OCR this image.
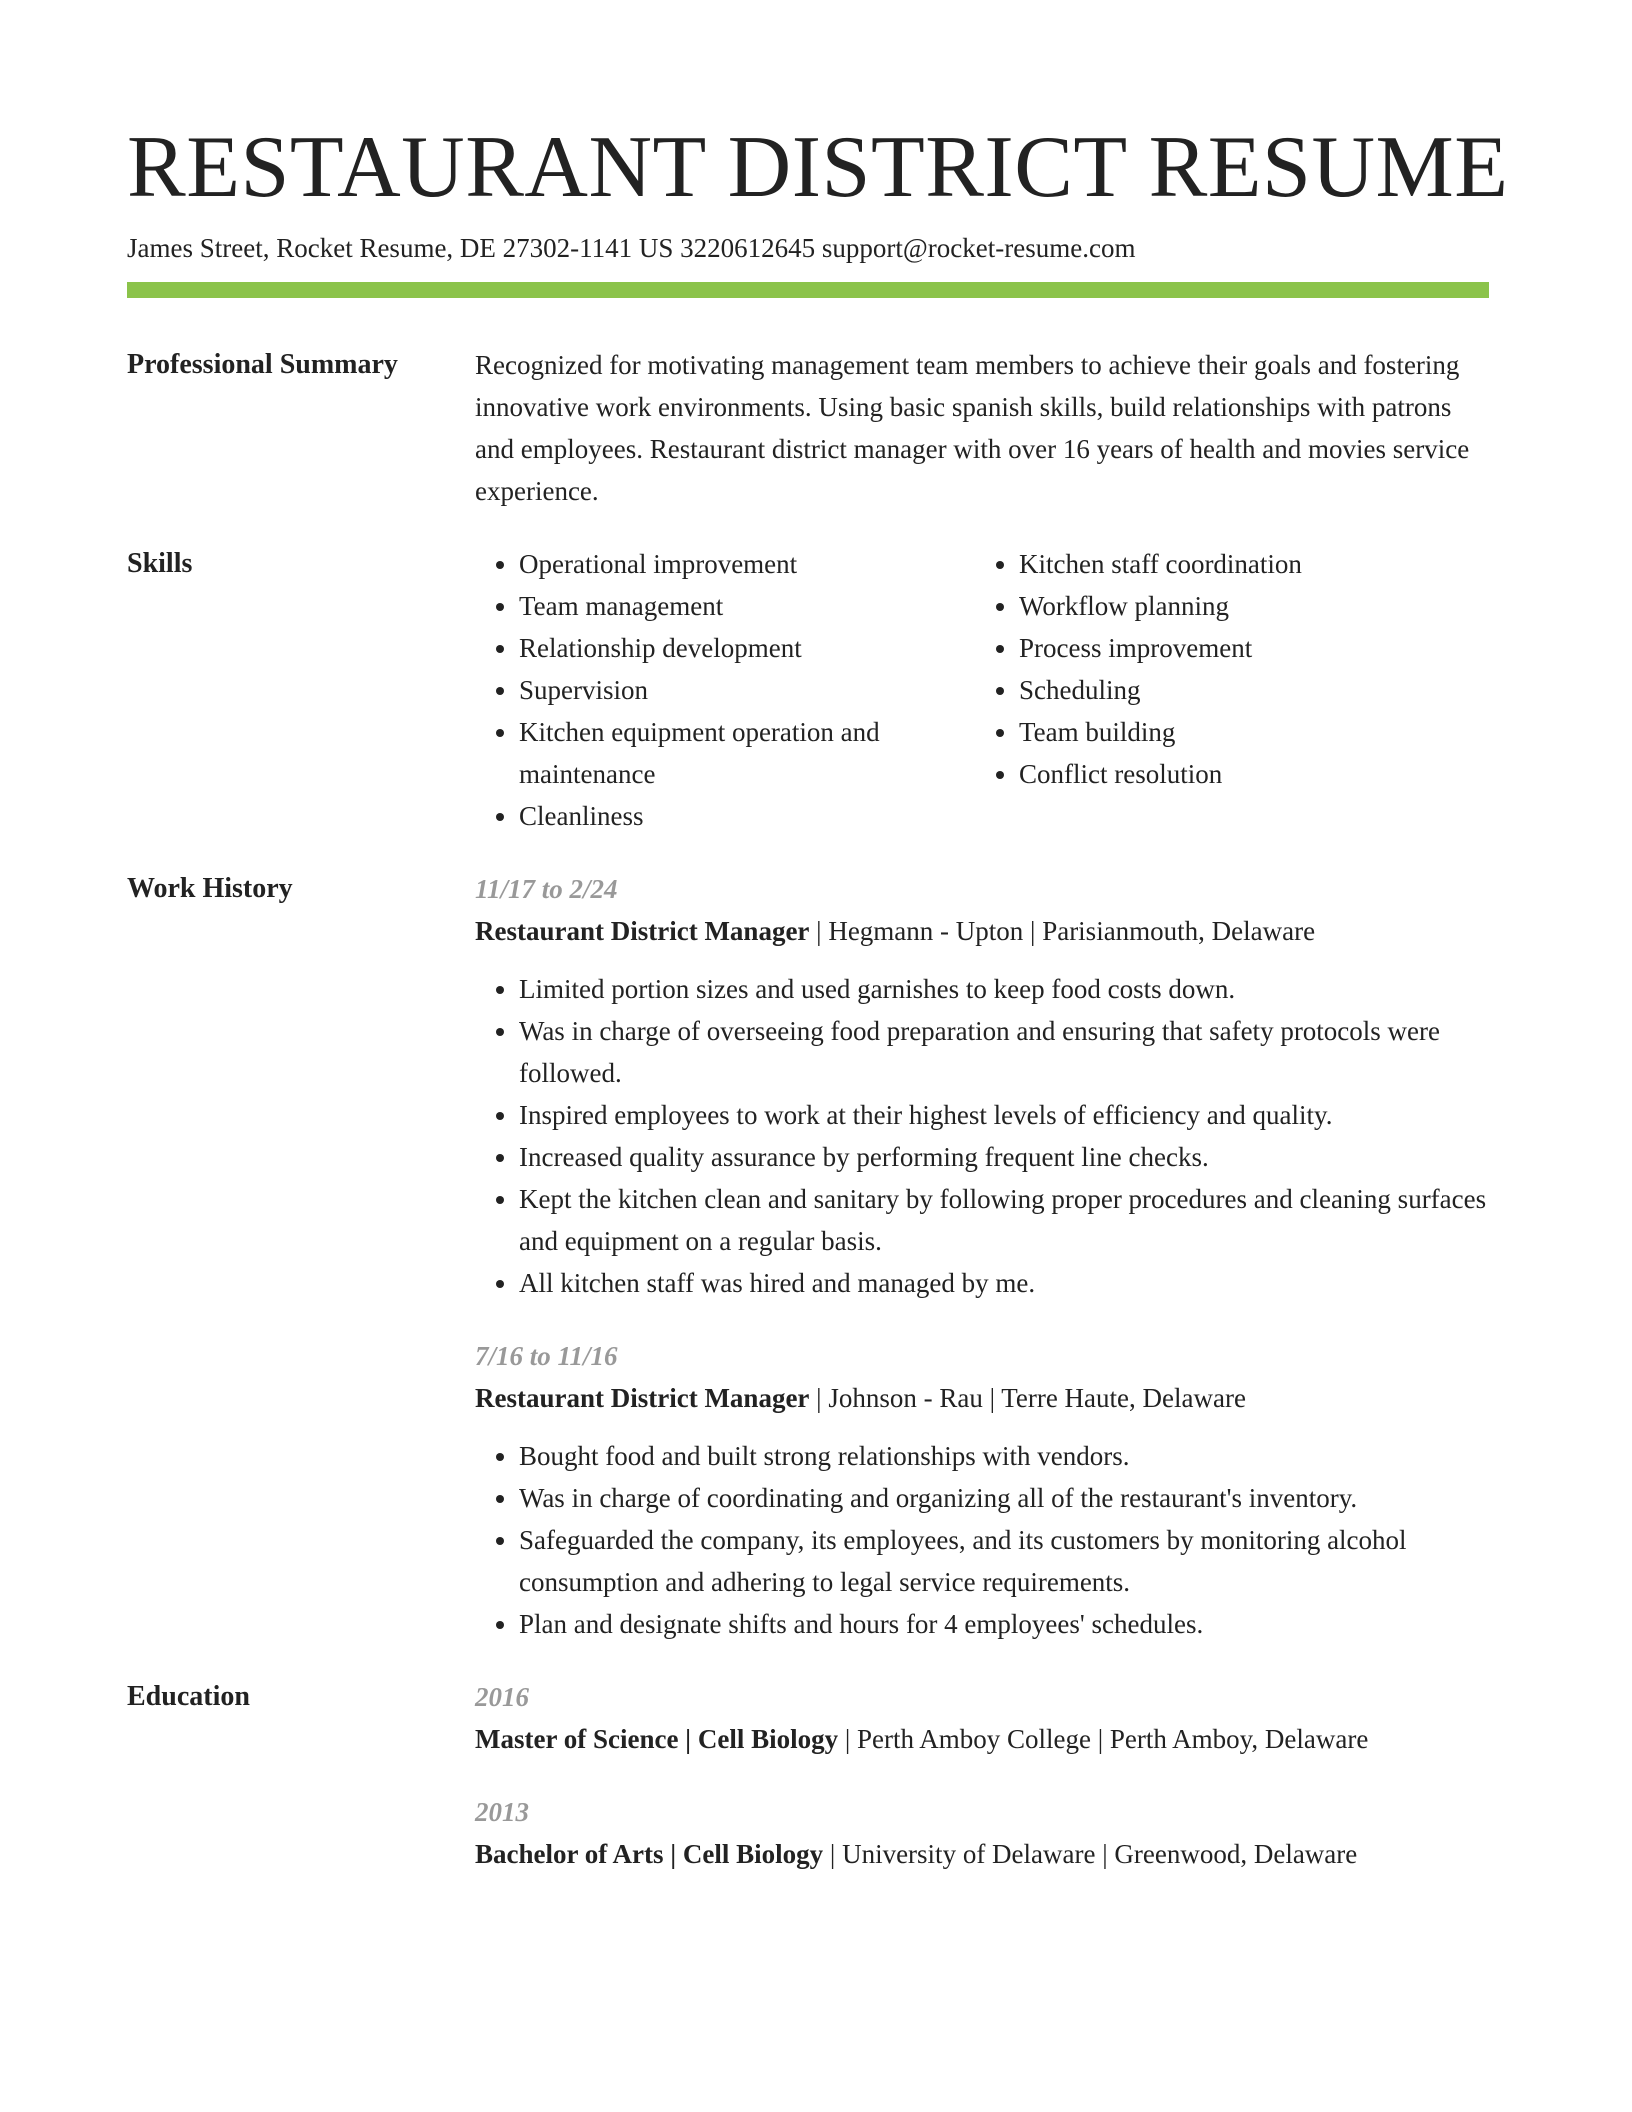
RESTAURANT DISTRICT RESUME
James Street, Rocket Resume, DE 27302-1141 US 3220612645 support@rocket-resume.com
Professional Summary	Recognized for motivating management team members to achieve their goals and fostering innovative work environments. Using basic spanish skills, build relationships with patrons and employees. Restaurant district manager with over 16 years of health and movies service experience.
Skills
•	Operational improvement
• Team management
• Relationship development
• Supervision
• Kitchen equipment operation and maintenance
• Cleanliness
• Kitchen staff coordination
• Workflow planning
• Process improvement
• Scheduling
• Team building
• Conflict resolution
Work History	11/17 to 2/24
Restaurant District Manager | Hegmann - Upton | Parisianmouth, Delaware
• Limited portion sizes and used garnishes to keep food costs down.
• Was in charge of overseeing food preparation and ensuring that safety protocols were followed.
• Inspired employees to work at their highest levels of efficiency and quality.
• Increased quality assurance by performing frequent line checks.
• Kept the kitchen clean and sanitary by following proper procedures and cleaning surfaces and equipment on a regular basis.
• All kitchen staff was hired and managed by me.
7/16 to 11/16
Restaurant District Manager | Johnson - Rau | Terre Haute, Delaware
• Bought food and built strong relationships with vendors.
• Was in charge of coordinating and organizing all of the restaurant's inventory.
• Safeguarded the company, its employees, and its customers by monitoring alcohol consumption and adhering to legal service requirements.
• Plan and designate shifts and hours for 4 employees' schedules.
Education	2016
Master of Science | Cell Biology | Perth Amboy College | Perth Amboy, Delaware
2013
Bachelor of Arts | Cell Biology | University of Delaware | Greenwood, Delaware
